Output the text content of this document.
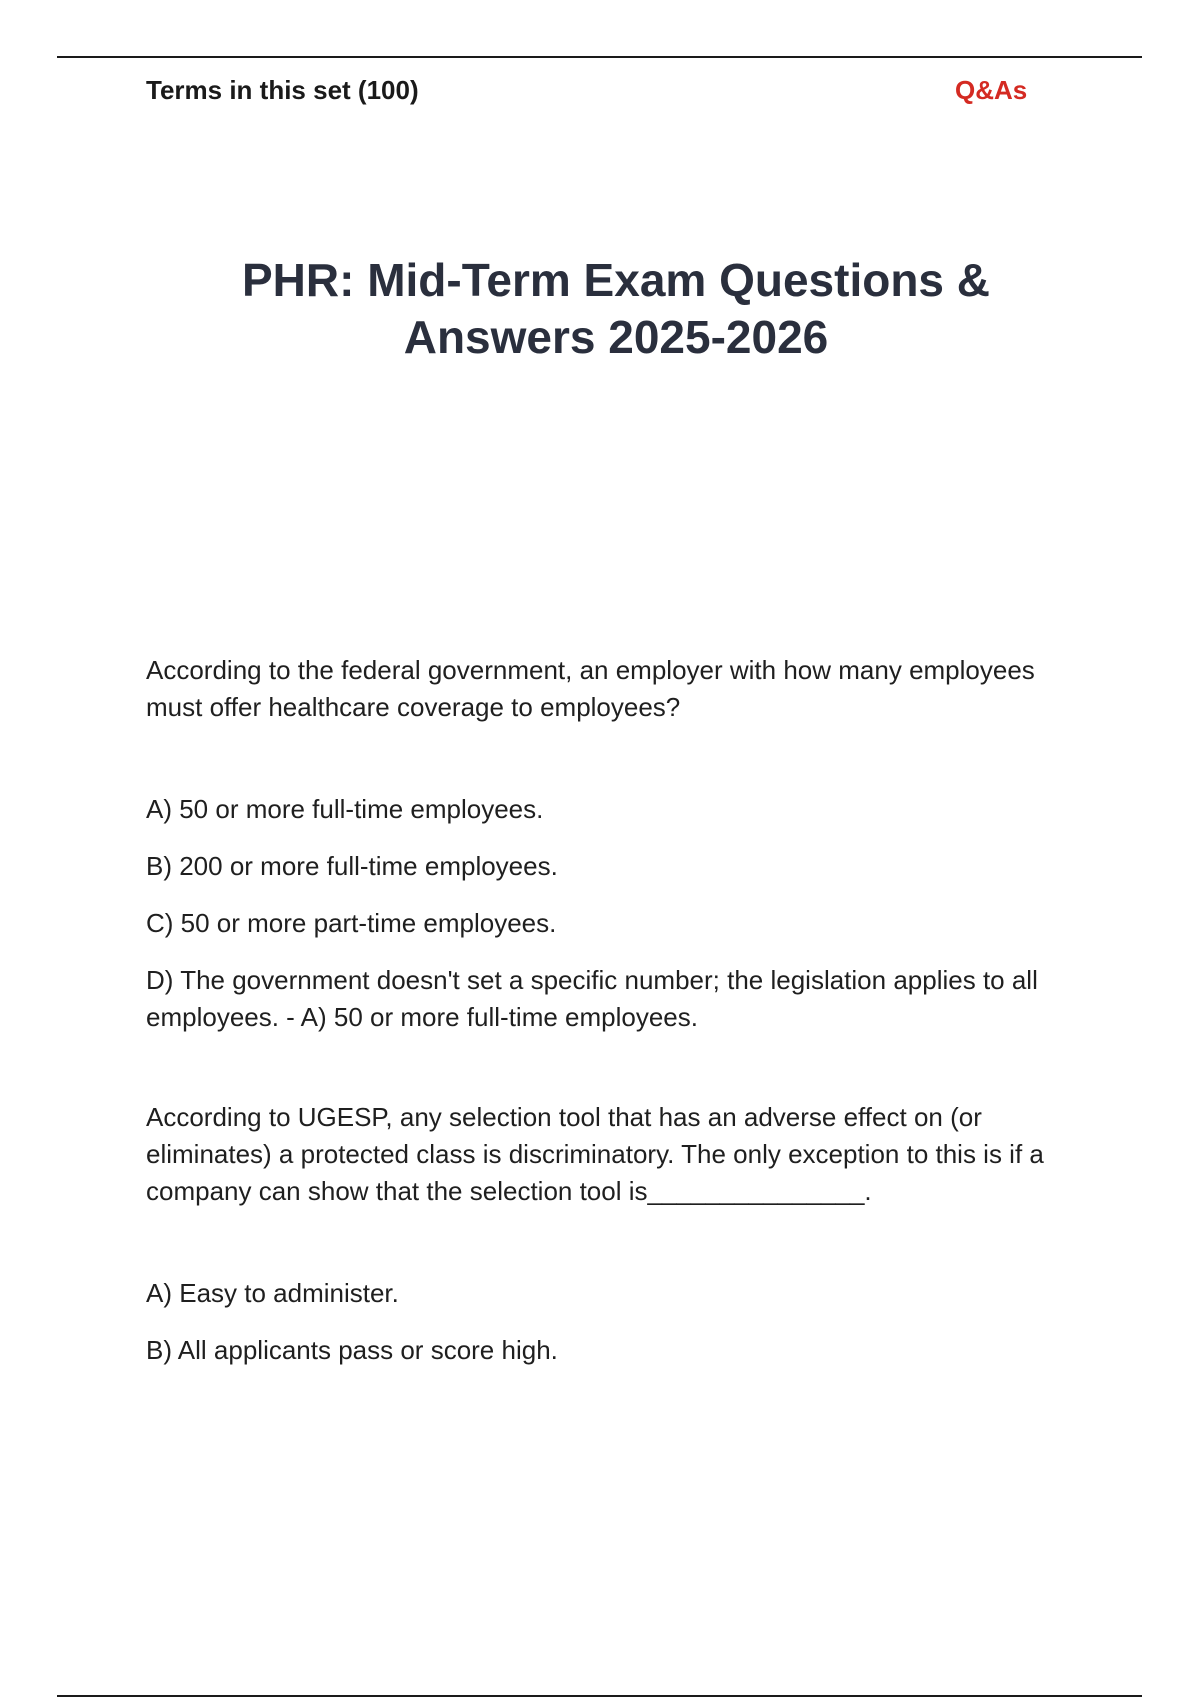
Terms in this set (100)	Q&As
PHR: Mid-Term Exam Questions & Answers 2025-2026

According to the federal government, an employer with how many employees must offer healthcare coverage to employees?

A) 50 or more full-time employees.

B) 200 or more full-time employees.

C) 50 or more part-time employees.

D) The government doesn't set a specific number; the legislation applies to all employees. - A) 50 or more full-time employees.

According to UGESP, any selection tool that has an adverse effect on (or eliminates) a protected class is discriminatory. The only exception to this is if a company can show that the selection tool is_______________.

A) Easy to administer.

B) All applicants pass or score high.
